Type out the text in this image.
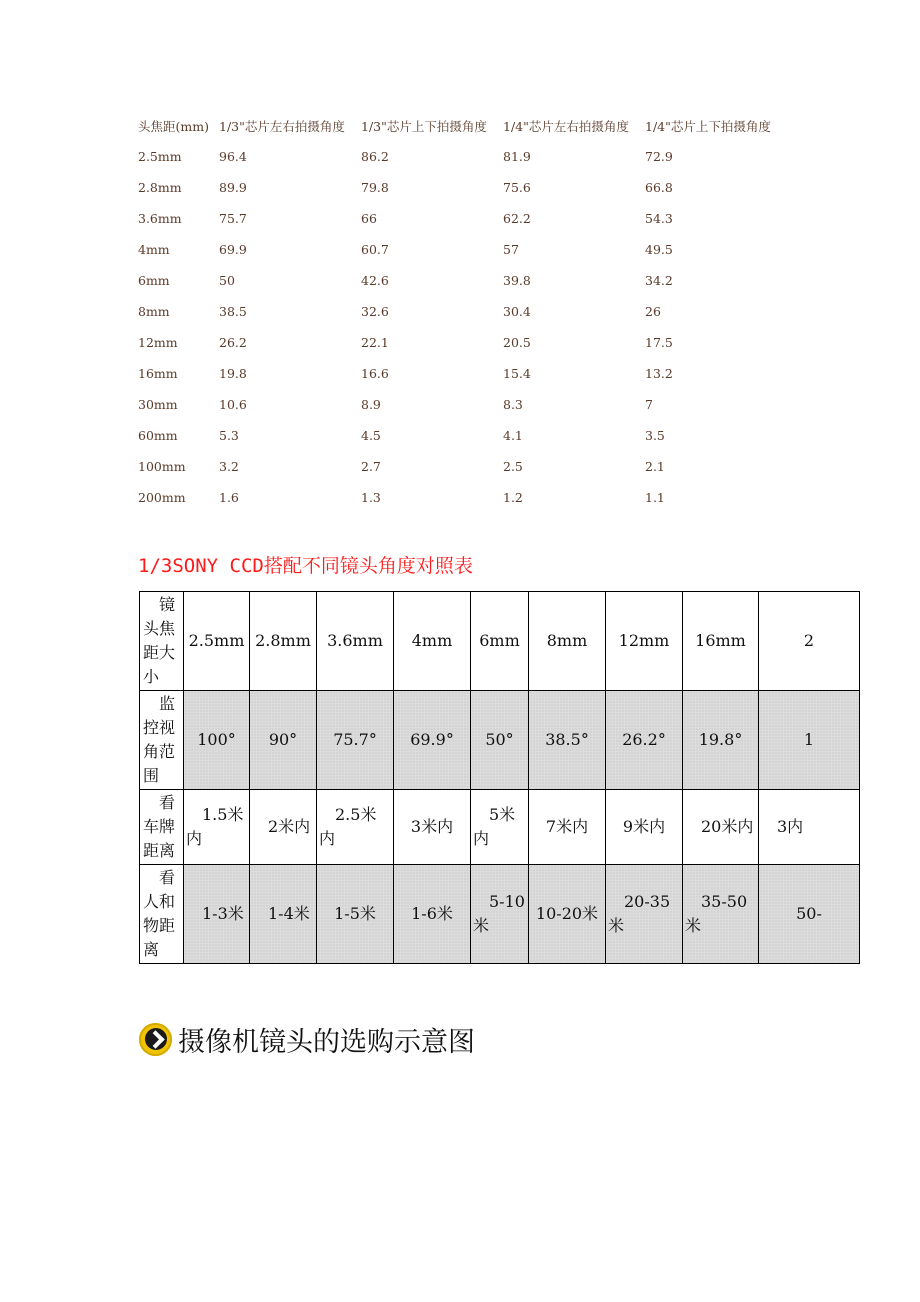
头焦距(mm) 1/3"芯片左右拍摄角度	1/3"芯片上下拍摄角度	1/4"芯片左右拍摄角度	1/4"芯片上下拍摄角度
2.5mm	96.4	86.2	81.9	72.9
2.8mm	89.9	79.8	75.6	66.8
3.6mm	75.7	66	62.2	54.3
4mm	69.9	60.7	57	49.5
6mm	50	42.6	39.8	34.2
8mm	38.5	32.6	30.4	26
12mm	26.2	22.1	20.5	17.5
16mm	19.8	16.6	15.4	13.2
30mm	10.6	8.9	8.3	7
60mm	5.3	4.5	4.1	3.5
100mm	3.2	2.7	2.5	2.1
200mm	1.6	1.3	1.2	1.1
1/3SONY CCD搭配不同镜头角度对照表
镜头焦距大小	2.5mm	2.8mm	3.6mm	4mm	6mm	8mm	12mm	16mm	2
监控视角范围	100°	90°	75.7°	69.9°	50°	38.5°	26.2°	19.8°	1
看车牌距离	1.5米内	2米内	2.5米内	3米内	5米内	7米内	9米内	20米内	3内
看人和物距离	1-3米	1-4米	1-5米	1-6米	5-10米	10-20米	20-35米	35-50米	50-
摄像机镜头的选购示意图
